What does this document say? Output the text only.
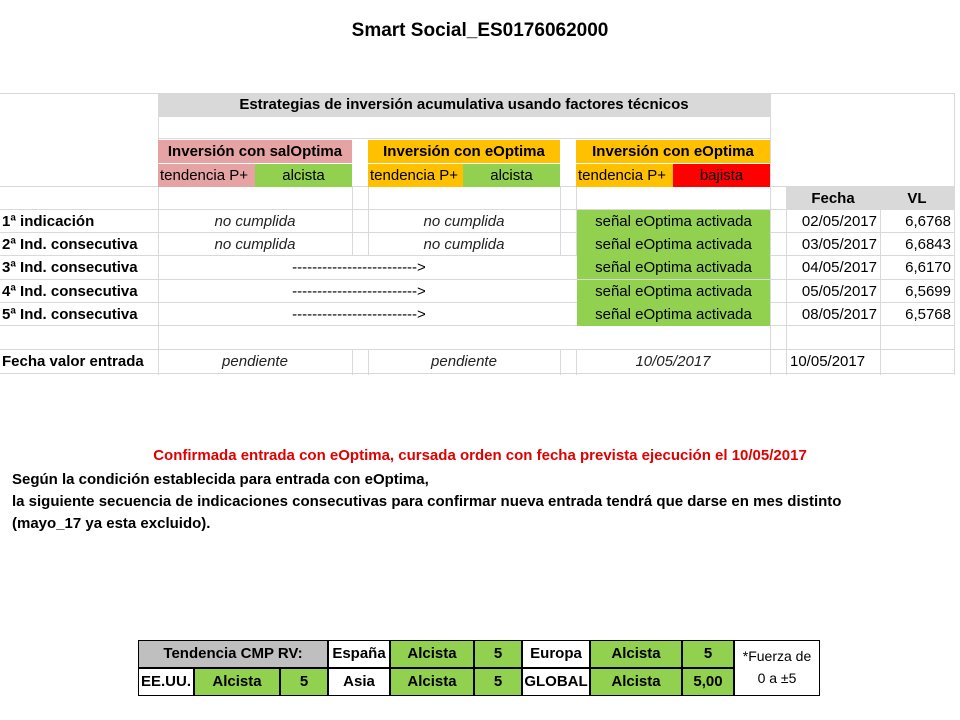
Smart Social_ES0176062000
Estrategias de inversión acumulativa usando factores técnicos
Inversión con salOptima
tendencia P+	alcista
Inversión con eOptima
tendencia P+	alcista
Inversión con eOptima
tendencia P+	bajista
Fecha	VL
1ª indicación	no cumplida	no cumplida	señal eOptima activada	02/05/2017	6,6768
2ª Ind. consecutiva	no cumplida	no cumplida	señal eOptima activada	03/05/2017	6,6843
3ª Ind. consecutiva	------------------------->	señal eOptima activada	04/05/2017	6,6170
4ª Ind. consecutiva	------------------------->	señal eOptima activada	05/05/2017	6,5699
5ª Ind. consecutiva	------------------------->	señal eOptima activada	08/05/2017	6,5768
Fecha valor entrada	pendiente	pendiente	10/05/2017	10/05/2017
Confirmada entrada con eOptima, cursada orden con fecha prevista ejecución el 10/05/2017
Según la condición establecida para entrada con eOptima,
la siguiente secuencia de indicaciones consecutivas para confirmar nueva entrada tendrá que darse en mes distinto
(mayo_17 ya esta excluido).
Tendencia CMP RV:	España	Alcista	5	Europa	Alcista	5
EE.UU.	Alcista	5	Asia	Alcista	5	GLOBAL	Alcista	5,00
*Fuerza de
0 a ±5
